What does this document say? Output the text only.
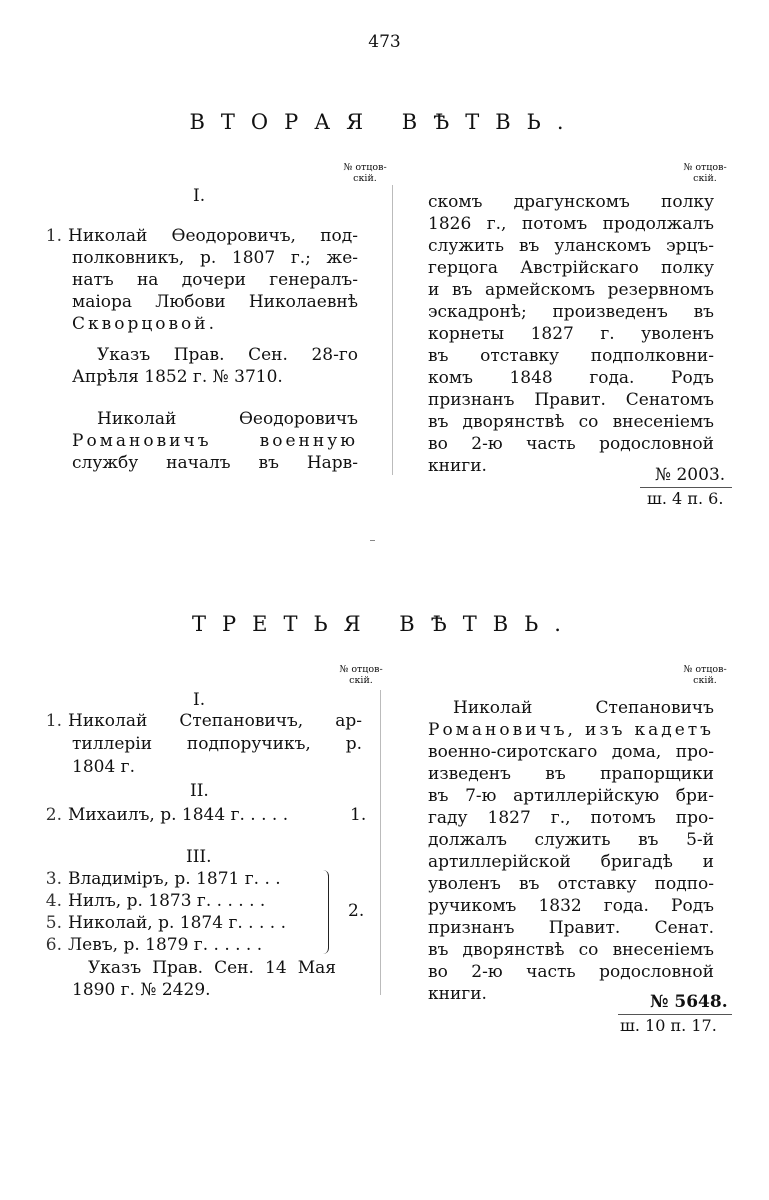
473
ВТОРАЯ ВѢТВЬ.
№ отцов-
скій.
№ отцов-
скій.
I.
1. Николай Ѳеодоровичъ, под-
полковникъ, р. 1807 г.; же-
натъ на дочери генералъ-
маіора Любови Николаевнѣ
Скворцовой.
Указъ Прав. Сен. 28-го
Апрѣля 1852 г. № 3710.
Николай Ѳеодоровичъ
Романовичъ военную
службу началъ въ Нарв-
скомъ драгунскомъ полку
1826 г., потомъ продолжалъ
служить въ уланскомъ эрцъ-
герцога Австрійскаго полку
и въ армейскомъ резервномъ
эскадронѣ; произведенъ въ
корнеты 1827 г. уволенъ
въ отставку подполковни-
комъ 1848 года. Родъ
признанъ Правит. Сенатомъ
въ дворянствѣ со внесеніемъ
во 2-ю часть родословной
книги.	№ 2003.
ш. 4 п. 6.
ТРЕТЬЯ ВѢТВЬ.
№ отцов-
скій.
№ отцов-
скій.
I.
1. Николай Степановичъ, ар-
тиллеріи подпоручикъ, р.
1804 г.
II.
2. Михаилъ, р. 1844 г. . . . .	1.
III.
3. Владиміръ, р. 1871 г. . .
4. Нилъ, р. 1873 г. . . . . .
5. Николай, р. 1874 г. . . . .
6. Левъ, р. 1879 г. . . . . .
2.
Указъ Прав. Сен. 14 Мая
1890 г. № 2429.
Николай Степановичъ
Романовичъ, изъ кадетъ
военно-сиротскаго дома, про-
изведенъ въ прапорщики
въ 7-ю артиллерійскую бри-
гаду 1827 г., потомъ про-
должалъ служить въ 5-й
артиллерійской бригадѣ и
уволенъ въ отставку подпо-
ручикомъ 1832 года. Родъ
признанъ Правит. Сенат.
въ дворянствѣ со внесеніемъ
во 2-ю часть родословной
книги.	№ 5648.
ш. 10 п. 17.
